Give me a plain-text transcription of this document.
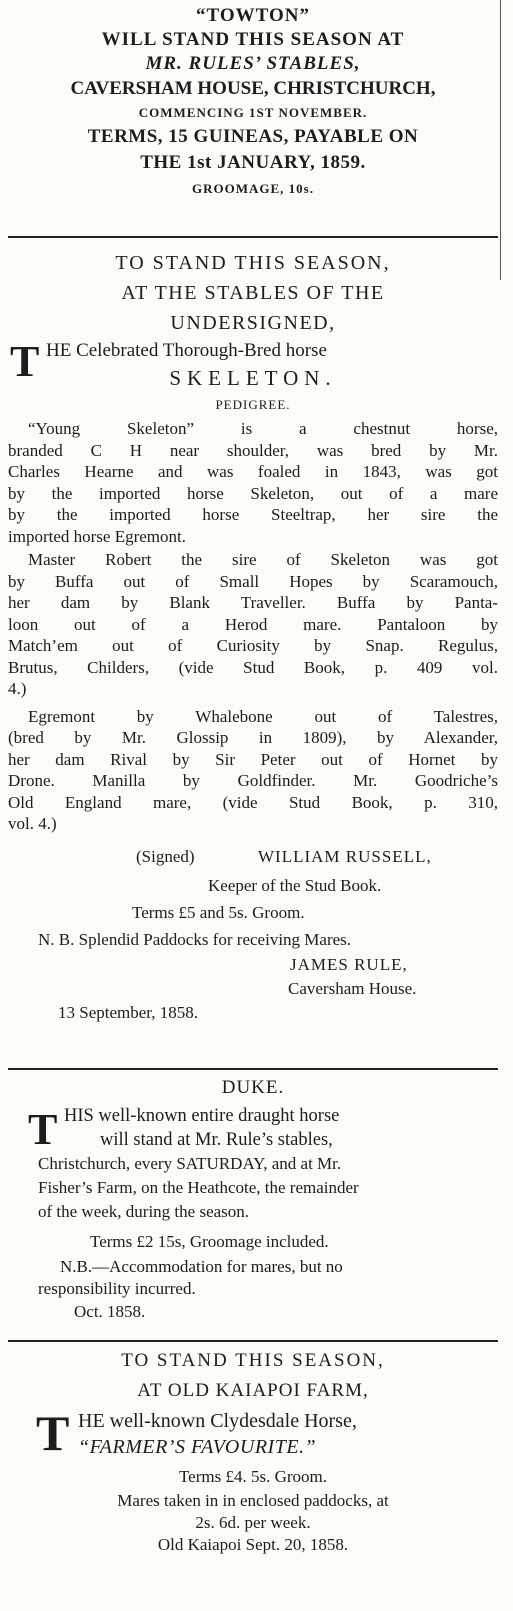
“TOWTON”
WILL STAND THIS SEASON AT
MR. RULES’ STABLES,
CAVERSHAM HOUSE, CHRISTCHURCH,
COMMENCING 1ST NOVEMBER.
TERMS, 15 GUINEAS, PAYABLE ON
THE 1st JANUARY, 1859.
GROOMAGE, 10s.
TO STAND THIS SEASON,
AT THE STABLES OF THE
UNDERSIGNED,
T HE Celebrated Thorough-Bred horse
SKELETON.
PEDIGREE.
“Young Skeleton” is a chestnut horse,
branded C H near shoulder, was bred by Mr.
Charles Hearne and was foaled in 1843, was got
by the imported horse Skeleton, out of a mare
by the imported horse Steeltrap, her sire the
imported horse Egremont.
Master Robert the sire of Skeleton was got
by Buffa out of Small Hopes by Scaramouch,
her dam by Blank Traveller. Buffa by Panta-
loon out of a Herod mare. Pantaloon by
Match’em out of Curiosity by Snap. Regulus,
Brutus, Childers, (vide Stud Book, p. 409 vol.
4.)
Egremont by Whalebone out of Talestres,
(bred by Mr. Glossip in 1809), by Alexander,
her dam Rival by Sir Peter out of Hornet by
Drone. Manilla by Goldfinder. Mr. Goodriche’s
Old England mare, (vide Stud Book, p. 310,
vol. 4.)
(Signed)	WILLIAM RUSSELL,
Keeper of the Stud Book.
Terms £5 and 5s. Groom.
N. B. Splendid Paddocks for receiving Mares.
JAMES RULE,
Caversham House.
13 September, 1858.
DUKE.
T HIS well-known entire draught horse
will stand at Mr. Rule’s stables,
Christchurch, every SATURDAY, and at Mr.
Fisher’s Farm, on the Heathcote, the remainder
of the week, during the season.
Terms £2 15s, Groomage included.
N.B.—Accommodation for mares, but no
responsibility incurred.
Oct. 1858.
TO STAND THIS SEASON,
AT OLD KAIAPOI FARM,
T HE well-known Clydesdale Horse,
“FARMER’S FAVOURITE.”
Terms £4. 5s. Groom.
Mares taken in in enclosed paddocks, at
2s. 6d. per week.
Old Kaiapoi Sept. 20, 1858.
